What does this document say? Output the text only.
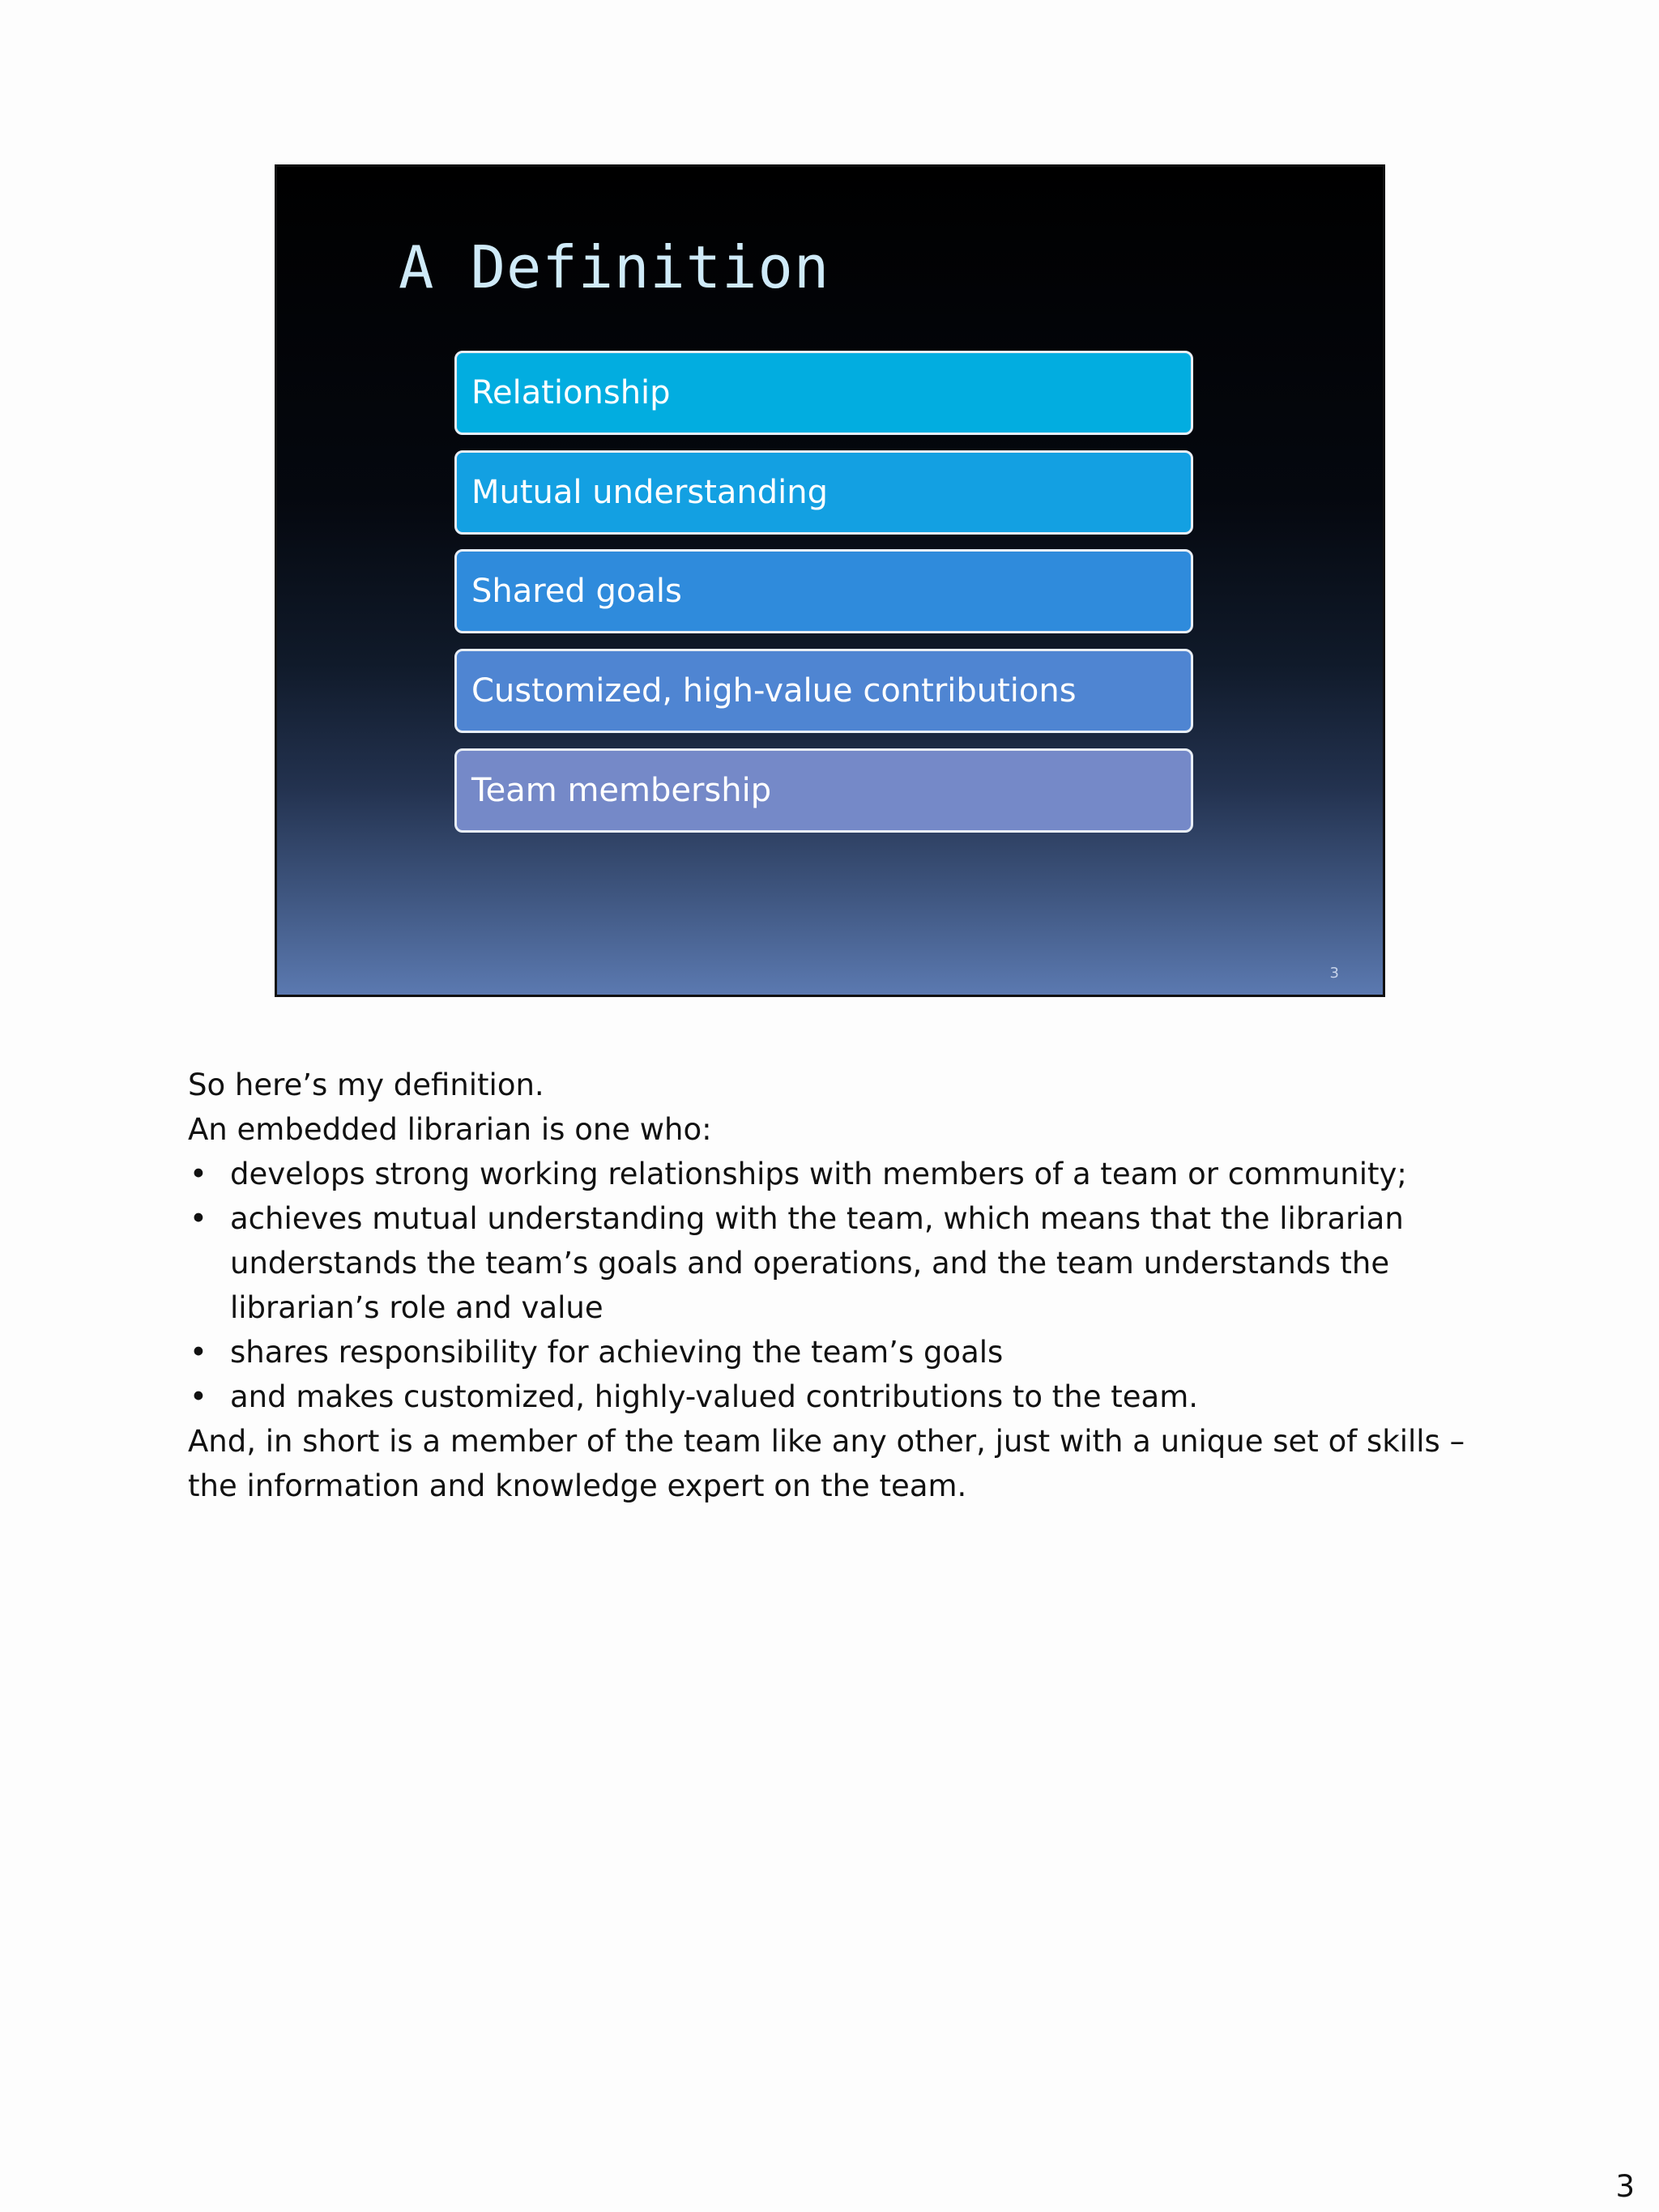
A Definition
Relationship
Mutual understanding
Shared goals
Customized, high-value contributions
Team membership
3

So here’s my definition.

An embedded librarian is one who:

• develops strong working relationships with members of a team or community;
• achieves mutual understanding with the team, which means that the librarian
understands the team’s goals and operations, and the team understands the
librarian’s role and value
• shares responsibility for achieving the team’s goals
• and makes customized, highly-valued contributions to the team.

And, in short is a member of the team like any other, just with a unique set of skills –

the information and knowledge expert on the team.

3
